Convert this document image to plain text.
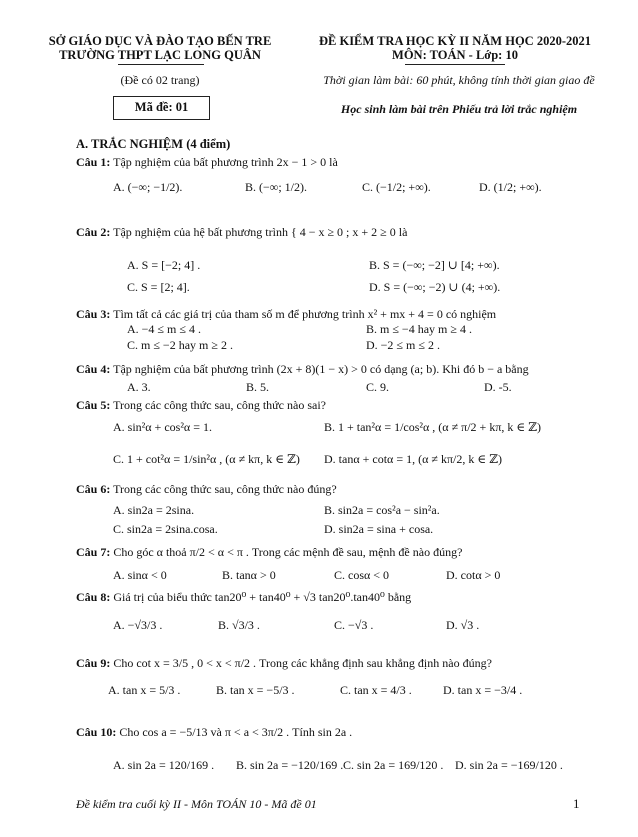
SỞ GIÁO DỤC VÀ ĐÀO TẠO BẾN TRE
TRƯỜNG THPT LẠC LONG QUÂN
(Đề có 02 trang)
Mã đề: 01
ĐỀ KIỂM TRA HỌC KỲ II NĂM HỌC 2020-2021
MÔN: TOÁN - Lớp: 10
Thời gian làm bài: 60 phút, không tính thời gian giao đề
Học sinh làm bài trên Phiếu trả lời trắc nghiệm
A. TRẮC NGHIỆM (4 điểm)
Câu 1: Tập nghiệm của bất phương trình 2x − 1 > 0 là
A. (−∞; −1/2).	B. (−∞; 1/2).	C. (−1/2; +∞).	D. (1/2; +∞).
Câu 2: Tập nghiệm của hệ bất phương trình { 4 − x ≥ 0 ; x + 2 ≥ 0 là
A. S = [−2; 4] .	B. S = (−∞; −2] ∪ [4; +∞).
C. S = [2; 4].	D. S = (−∞; −2) ∪ (4; +∞).
Câu 3: Tìm tất cả các giá trị của tham số m để phương trình x² + mx + 4 = 0 có nghiệm
A. −4 ≤ m ≤ 4 .	B. m ≤ −4 hay m ≥ 4 .
C. m ≤ −2 hay m ≥ 2 .	D. −2 ≤ m ≤ 2 .
Câu 4: Tập nghiệm của bất phương trình (2x + 8)(1 − x) > 0 có dạng (a; b). Khi đó b − a bằng
A. 3.	B. 5.	C. 9.	D. -5.
Câu 5: Trong các công thức sau, công thức nào sai?
A. sin²α + cos²α = 1.	B. 1 + tan²α = 1/cos²α , (α ≠ π/2 + kπ, k ∈ ℤ)
C. 1 + cot²α = 1/sin²α , (α ≠ kπ, k ∈ ℤ) D. tanα + cotα = 1, (α ≠ kπ/2, k ∈ ℤ)
Câu 6: Trong các công thức sau, công thức nào đúng?
A. sin2a = 2sina.	B. sin2a = cos²a − sin²a.
C. sin2a = 2sina.cosa.	D. sin2a = sina + cosa.
Câu 7: Cho góc α thoả π/2 < α < π . Trong các mệnh đề sau, mệnh đề nào đúng?
A. sinα < 0	B. tanα > 0	C. cosα < 0	D. cotα > 0
Câu 8: Giá trị của biểu thức tan20⁰ + tan40⁰ + √3 tan20⁰.tan40⁰ bằng
A. −√3/3 .	B. √3/3 .	C. −√3 .	D. √3 .
Câu 9: Cho cot x = 3/5 , 0 < x < π/2 . Trong các khẳng định sau khẳng định nào đúng?
A. tan x = 5/3 .	B. tan x = −5/3 .	C. tan x = 4/3 .	D. tan x = −3/4 .
Câu 10: Cho cos a = −5/13 và π < a < 3π/2 . Tính sin 2a .
A. sin 2a = 120/169 . B. sin 2a = −120/169 . C. sin 2a = 169/120 . D. sin 2a = −169/120 .
Đề kiểm tra cuối kỳ II - Môn TOÁN 10 - Mã đề 01	1
